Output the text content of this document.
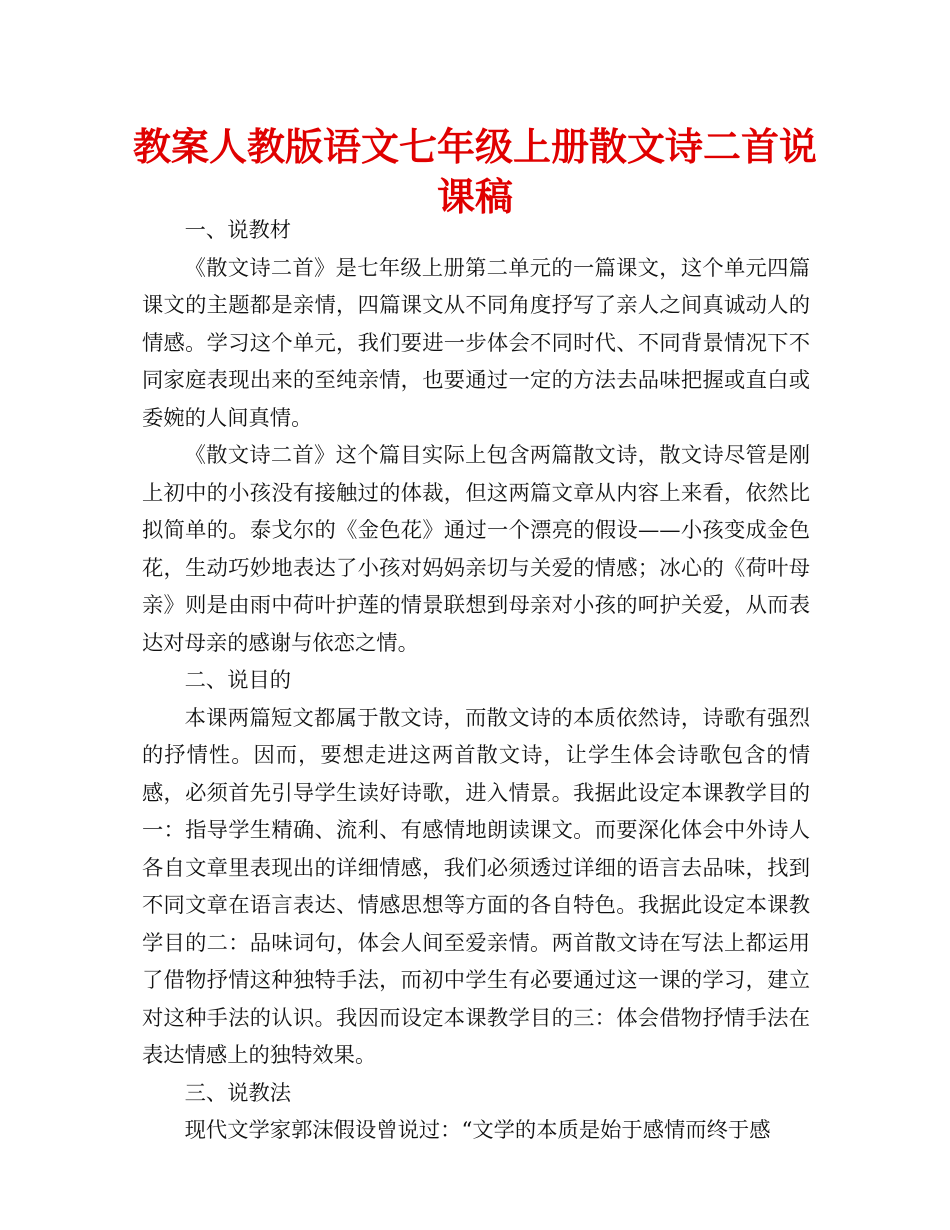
教案人教版语文七年级上册散文诗二首说课稿

一、说教材

《散文诗二首》是七年级上册第二单元的一篇课文，这个单元四篇课文的主题都是亲情，四篇课文从不同角度抒写了亲人之间真诚动人的情感。学习这个单元，我们要进一步体会不同时代、不同背景情况下不同家庭表现出来的至纯亲情，也要通过一定的方法去品味把握或直白或委婉的人间真情。

《散文诗二首》这个篇目实际上包含两篇散文诗，散文诗尽管是刚上初中的小孩没有接触过的体裁，但这两篇文章从内容上来看，依然比拟简单的。泰戈尔的《金色花》通过一个漂亮的假设——小孩变成金色花，生动巧妙地表达了小孩对妈妈亲切与关爱的情感；冰心的《荷叶母亲》则是由雨中荷叶护莲的情景联想到母亲对小孩的呵护关爱，从而表达对母亲的感谢与依恋之情。

二、说目的

本课两篇短文都属于散文诗，而散文诗的本质依然诗，诗歌有强烈的抒情性。因而，要想走进这两首散文诗，让学生体会诗歌包含的情感，必须首先引导学生读好诗歌，进入情景。我据此设定本课教学目的一：指导学生精确、流利、有感情地朗读课文。而要深化体会中外诗人各自文章里表现出的详细情感，我们必须透过详细的语言去品味，找到不同文章在语言表达、情感思想等方面的各自特色。我据此设定本课教学目的二：品味词句，体会人间至爱亲情。两首散文诗在写法上都运用了借物抒情这种独特手法，而初中学生有必要通过这一课的学习，建立对这种手法的认识。我因而设定本课教学目的三：体会借物抒情手法在表达情感上的独特效果。

三、说教法

现代文学家郭沫假设曾说过：“文学的本质是始于感情而终于感
